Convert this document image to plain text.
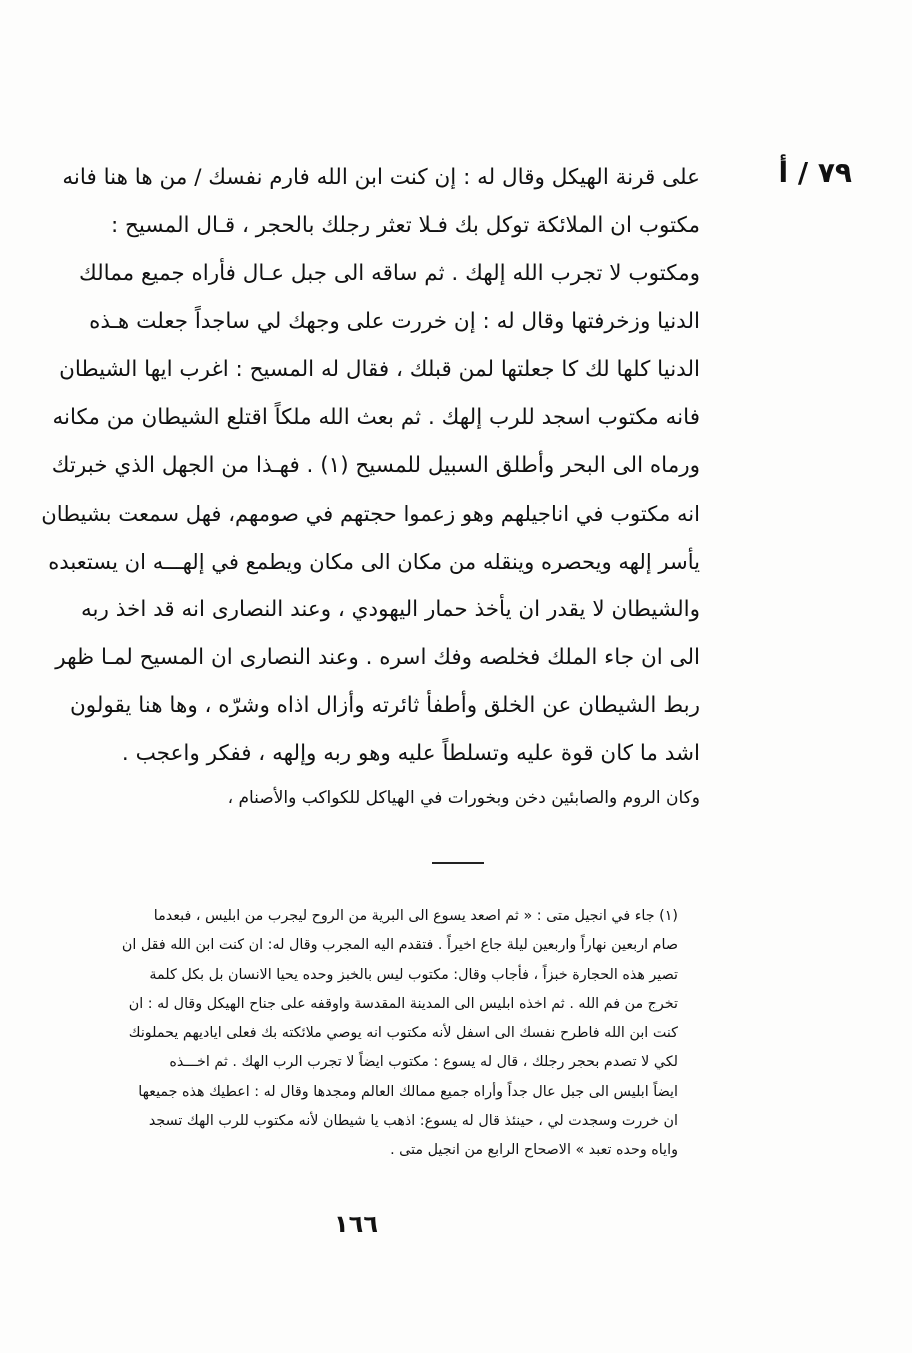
٧٩ / أ
على قرنة الهيكل وقال له : إن كنت ابن الله فارم نفسك / من ها هنا فانه
مكتوب ان الملائكة توكل بك فـلا تعثر رجلك بالحجر ، قـال المسيح :
ومكتوب لا تجرب الله إلهك . ثم ساقه الى جبل عـال فأراه جميع ممالك
الدنيا وزخرفتها وقال له : إن خررت على وجهك لي ساجداً جعلت هـذه
الدنيا كلها لك كا جعلتها لمن قبلك ، فقال له المسيح : اغرب ايها الشيطان
فانه مكتوب اسجد للرب إلهك . ثم بعث الله ملكاً اقتلع الشيطان من مكانه
ورماه الى البحر وأطلق السبيل للمسيح (١) . فهـذا من الجهل الذي خبرتك
انه مكتوب في اناجيلهم وهو زعموا حجتهم في صومهم، فهل سمعت بشيطان
يأسر إلهه ويحصره وينقله من مكان الى مكان ويطمع في إلهـــه ان يستعبده
والشيطان لا يقدر ان يأخذ حمار اليهودي ، وعند النصارى انه قد اخذ ربه
الى ان جاء الملك فخلصه وفك اسره . وعند النصارى ان المسيح لمـا ظهر
ربط الشيطان عن الخلق وأطفأ ثائرته وأزال اذاه وشرّه ، وها هنا يقولون
اشد ما كان قوة عليه وتسلطاً عليه وهو ربه وإلهه ، ففكر واعجب .
وكان الروم والصابئين دخن وبخورات في الهياكل للكواكب والأصنام ،
(١) جاء في انجيل متى : « ثم اصعد يسوع الى البرية من الروح ليجرب من ابليس ، فبعدما
صام اربعين نهاراً واربعين ليلة جاع اخيراً . فتقدم اليه المجرب وقال له: ان كنت ابن الله فقل ان
تصير هذه الحجارة خبزاً ، فأجاب وقال: مكتوب ليس بالخبز وحده يحيا الانسان بل بكل كلمة
تخرج من فم الله . ثم اخذه ابليس الى المدينة المقدسة واوقفه على جناح الهيكل وقال له : ان
كنت ابن الله فاطرح نفسك الى اسفل لأنه مكتوب انه يوصي ملائكته بك فعلى اياديهم يحملونك
لكي لا تصدم بحجر رجلك ، قال له يسوع : مكتوب ايضاً لا تجرب الرب الهك . ثم اخـــذه
ايضاً ابليس الى جبل عال جداً وأراه جميع ممالك العالم ومجدها وقال له : اعطيك هذه جميعها
ان خررت وسجدت لي ، حينئذ قال له يسوع: اذهب يا شيطان لأنه مكتوب للرب الهك تسجد
واياه وحده تعبد » الاصحاح الرابع من انجيل متى .
١٦٦
